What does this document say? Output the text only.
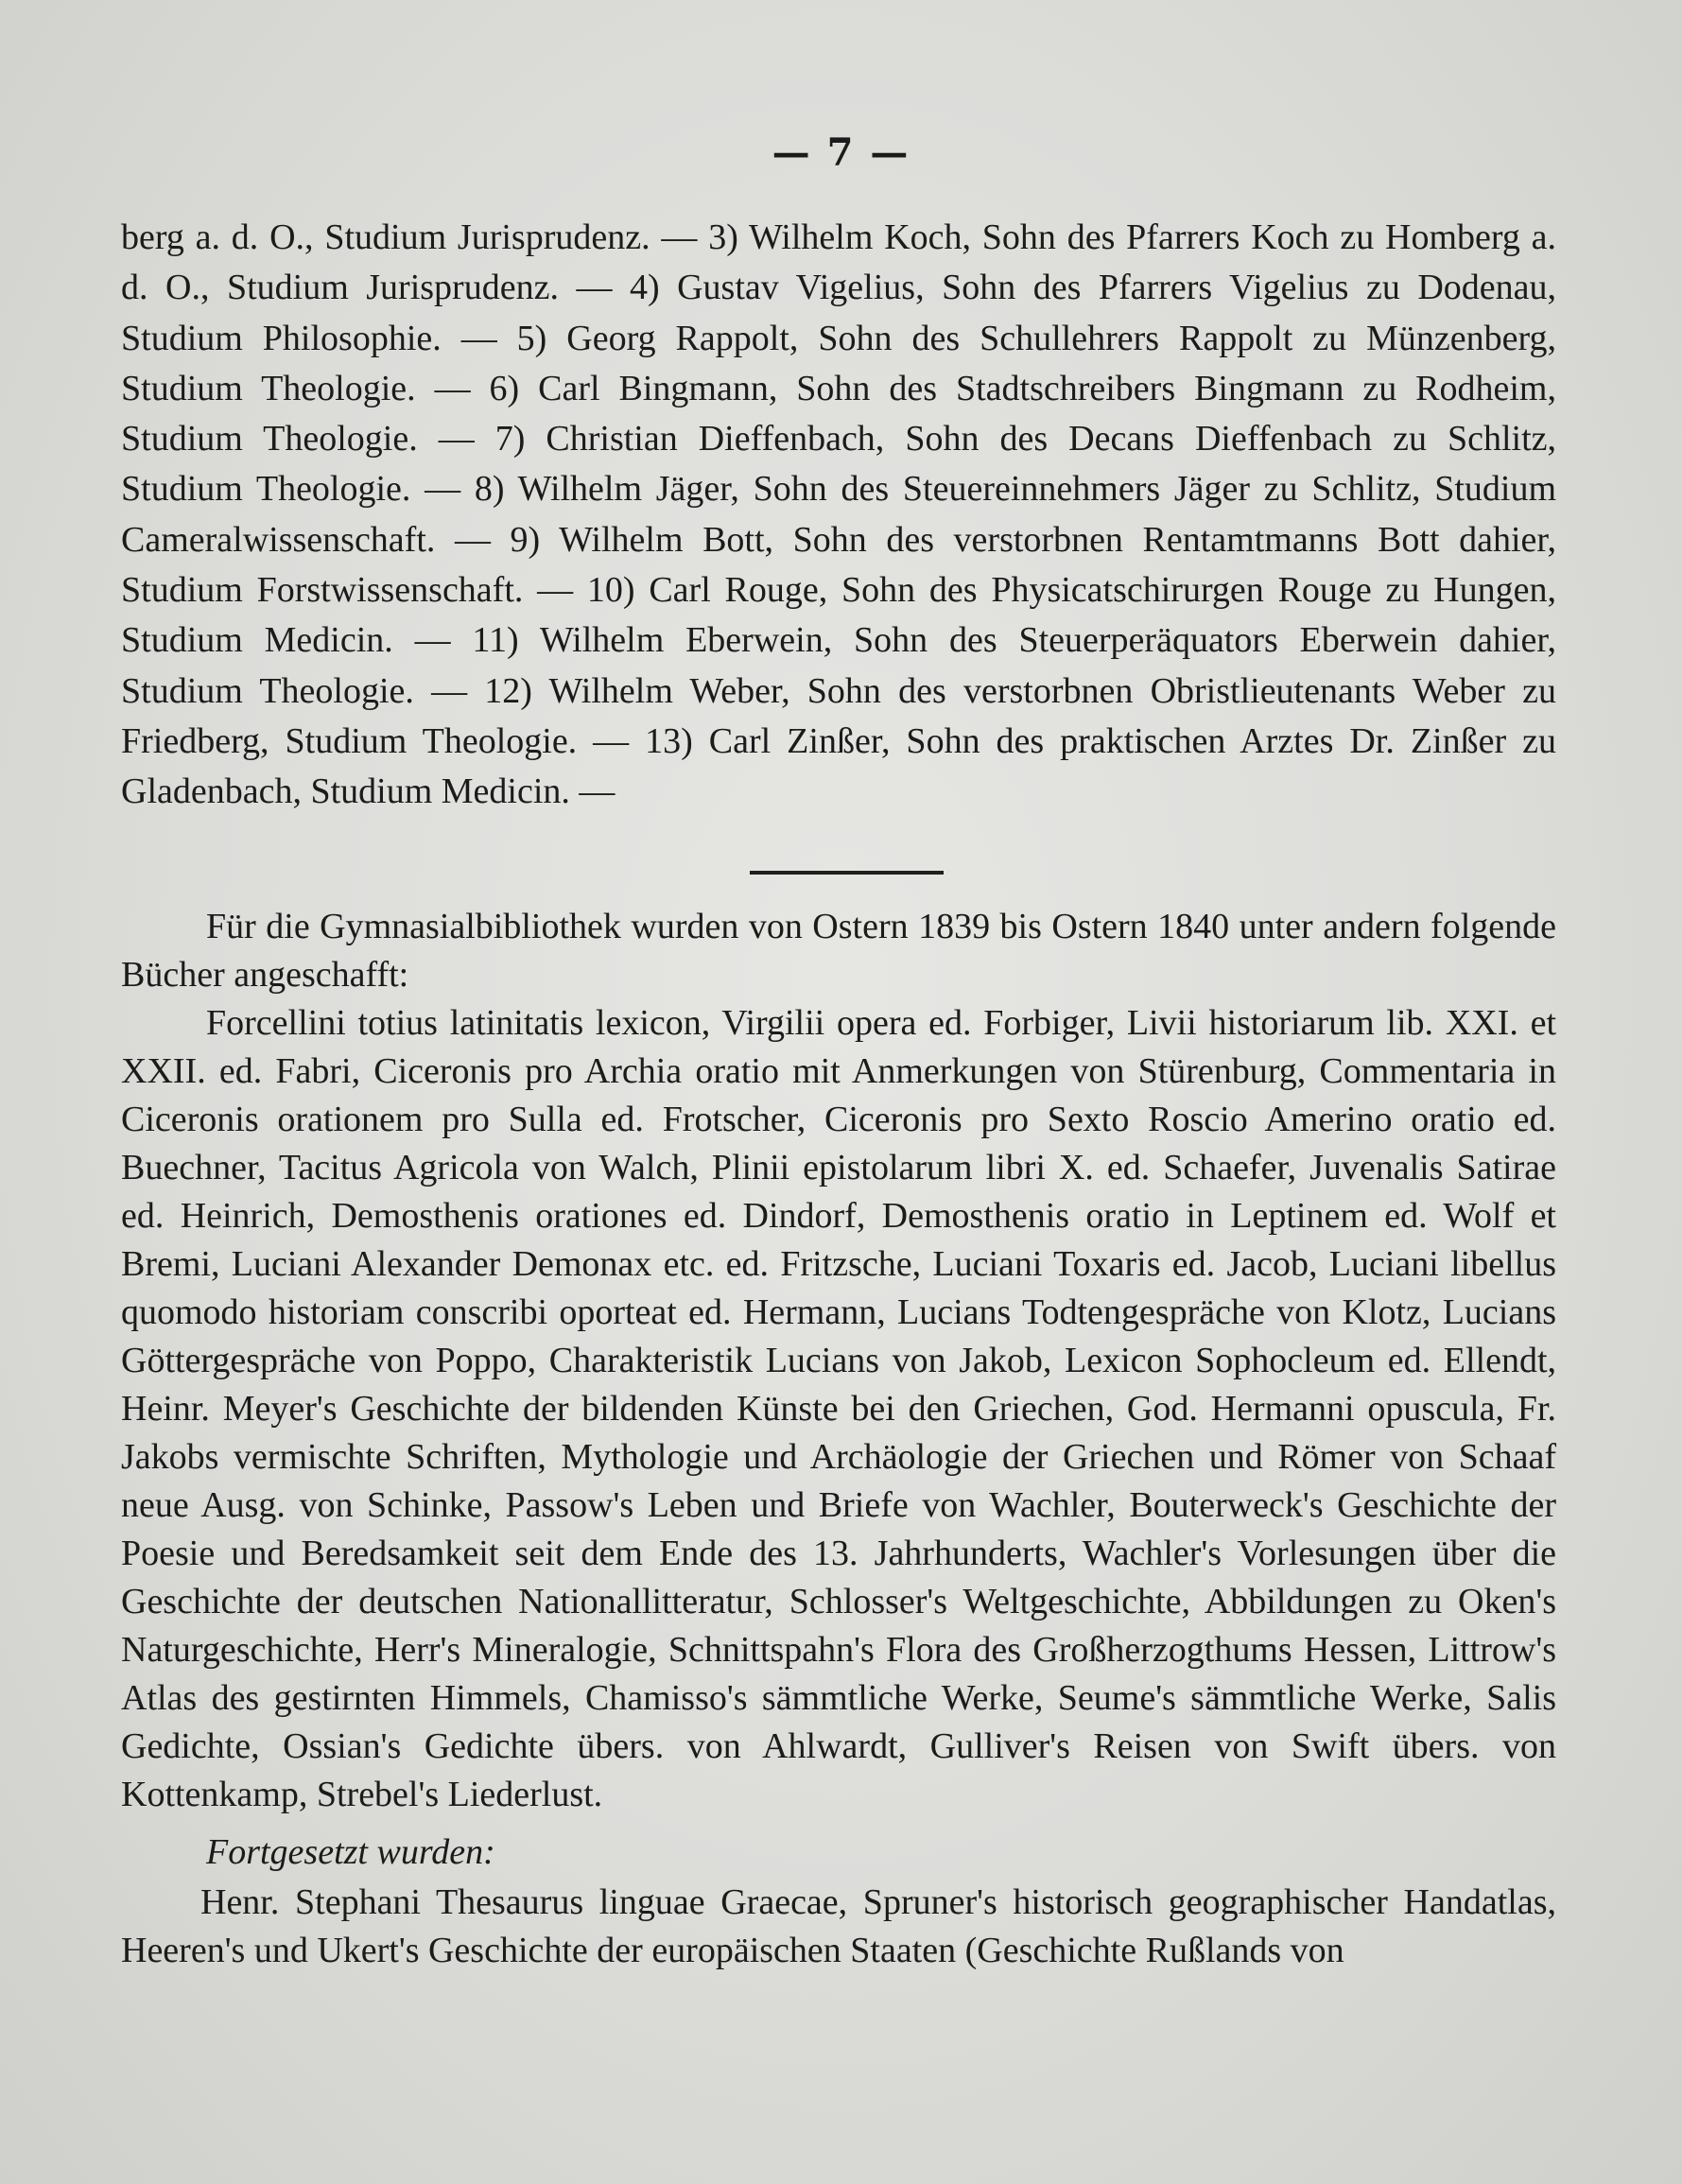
— 7 —

berg a. d. O., Studium Jurisprudenz. — 3) Wilhelm Koch, Sohn des Pfarrers Koch zu Homberg a. d. O., Studium Jurisprudenz. — 4) Gustav Vigelius, Sohn des Pfarrers Vigelius zu Dodenau, Studium Philosophie. — 5) Georg Rappolt, Sohn des Schullehrers Rappolt zu Münzenberg, Studium Theologie. — 6) Carl Bingmann, Sohn des Stadtschreibers Bingmann zu Rodheim, Studium Theologie. — 7) Christian Dieffenbach, Sohn des Decans Dieffenbach zu Schlitz, Studium Theologie. — 8) Wilhelm Jäger, Sohn des Steuereinnehmers Jäger zu Schlitz, Studium Cameralwissenschaft. — 9) Wilhelm Bott, Sohn des verstorbnen Rentamtmanns Bott dahier, Studium Forstwissenschaft. — 10) Carl Rouge, Sohn des Physicatschirurgen Rouge zu Hungen, Studium Medicin. — 11) Wilhelm Eberwein, Sohn des Steuerperäquators Eberwein dahier, Studium Theologie. — 12) Wilhelm Weber, Sohn des verstorbnen Obristlieutenants Weber zu Friedberg, Studium Theologie. — 13) Carl Zinßer, Sohn des praktischen Arztes Dr. Zinßer zu Gladenbach, Studium Medicin. —

Für die Gymnasialbibliothek wurden von Ostern 1839 bis Ostern 1840 unter andern folgende Bücher angeschafft:
Forcellini totius latinitatis lexicon, Virgilii opera ed. Forbiger, Livii historiarum lib. XXI. et XXII. ed. Fabri, Ciceronis pro Archia oratio mit Anmerkungen von Stürenburg, Commentaria in Ciceronis orationem pro Sulla ed. Frotscher, Ciceronis pro Sexto Roscio Amerino oratio ed. Buechner, Tacitus Agricola von Walch, Plinii epistolarum libri X. ed. Schaefer, Juvenalis Satirae ed. Heinrich, Demosthenis orationes ed. Dindorf, Demosthenis oratio in Leptinem ed. Wolf et Bremi, Luciani Alexander Demonax etc. ed. Fritzsche, Luciani Toxaris ed. Jacob, Luciani libellus quomodo historiam conscribi oporteat ed. Hermann, Lucians Todtengespräche von Klotz, Lucians Göttergespräche von Poppo, Charakteristik Lucians von Jakob, Lexicon Sophocleum ed. Ellendt, Heinr. Meyer's Geschichte der bildenden Künste bei den Griechen, God. Hermanni opuscula, Fr. Jakobs vermischte Schriften, Mythologie und Archäologie der Griechen und Römer von Schaaf neue Ausg. von Schinke, Passow's Leben und Briefe von Wachler, Bouterweck's Geschichte der Poesie und Beredsamkeit seit dem Ende des 13. Jahrhunderts, Wachler's Vorlesungen über die Geschichte der deutschen Nationallitteratur, Schlosser's Weltgeschichte, Abbildungen zu Oken's Naturgeschichte, Herr's Mineralogie, Schnittspahn's Flora des Großherzogthums Hessen, Littrow's Atlas des gestirnten Himmels, Chamisso's sämmtliche Werke, Seume's sämmtliche Werke, Salis Gedichte, Ossian's Gedichte übers. von Ahlwardt, Gulliver's Reisen von Swift übers. von Kottenkamp, Strebel's Liederlust.

Fortgesetzt wurden:

Henr. Stephani Thesaurus linguae Graecae, Spruner's historisch geographischer Handatlas, Heeren's und Ukert's Geschichte der europäischen Staaten (Geschichte Rußlands von
